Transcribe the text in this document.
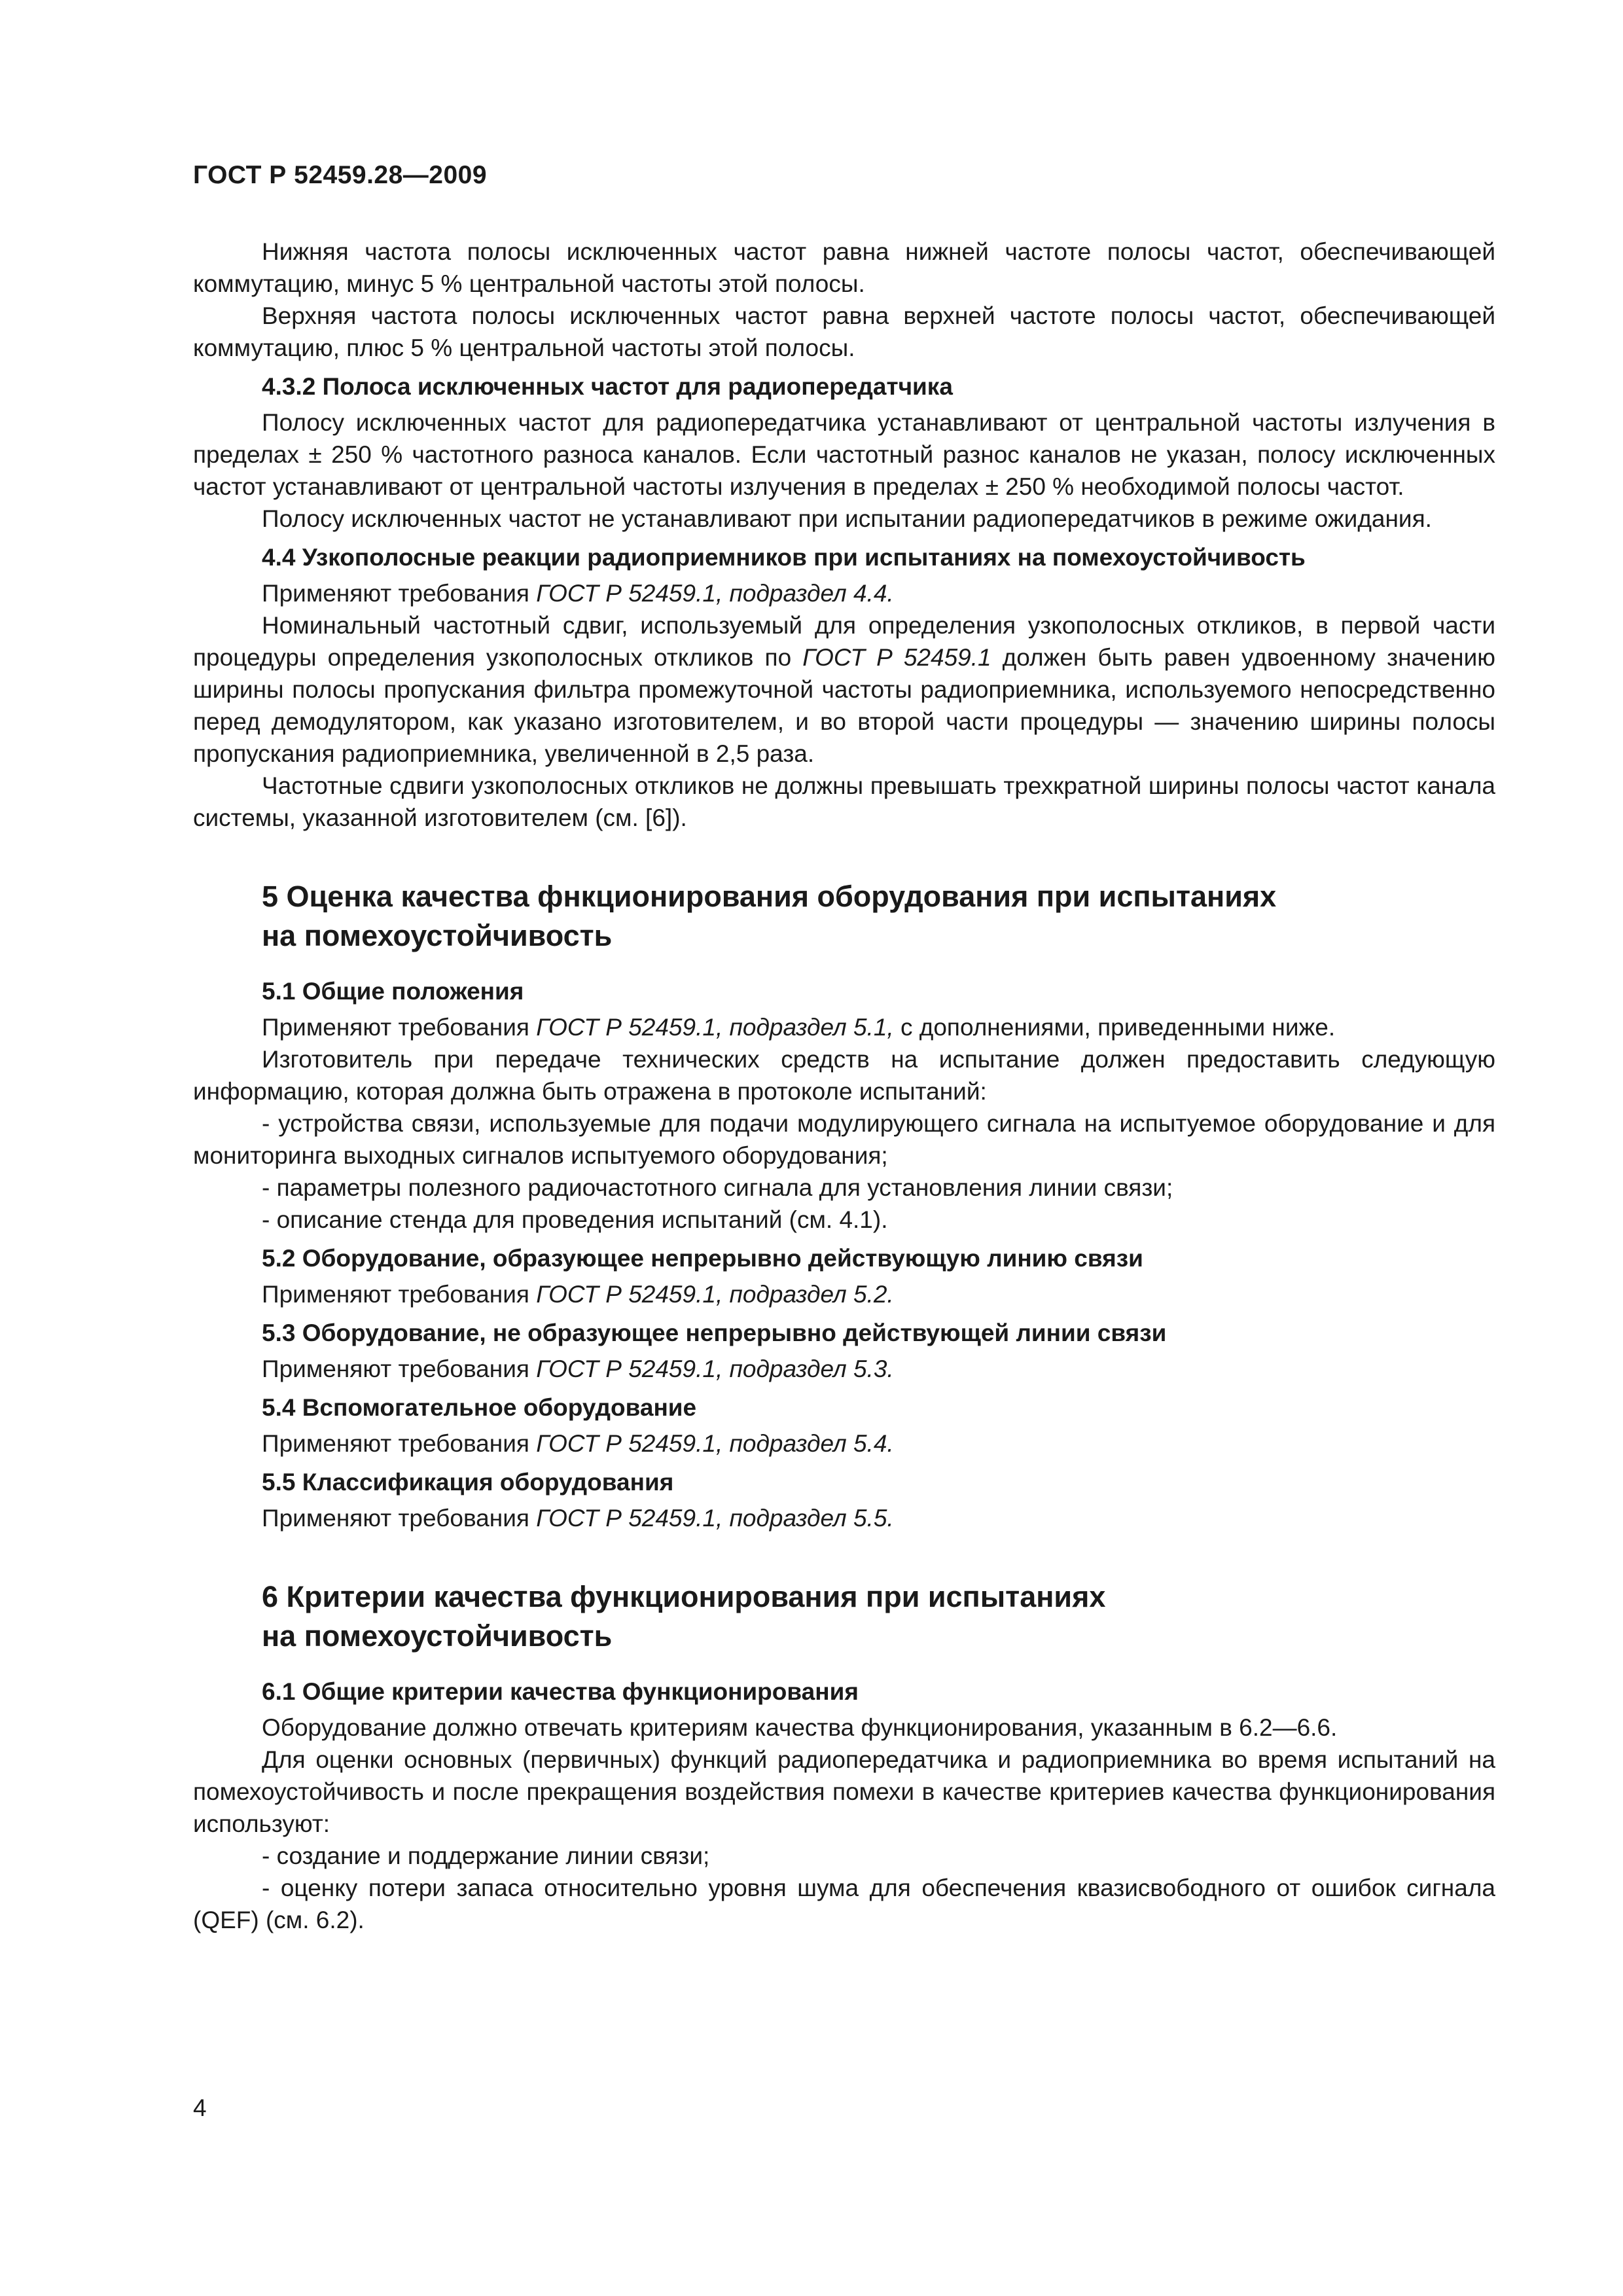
ГОСТ Р 52459.28—2009

Нижняя частота полосы исключенных частот равна нижней частоте полосы частот, обеспечивающей коммутацию, минус 5 % центральной частоты этой полосы.

Верхняя частота полосы исключенных частот равна верхней частоте полосы частот, обеспечивающей коммутацию, плюс 5 % центральной частоты этой полосы.

4.3.2 Полоса исключенных частот для радиопередатчика

Полосу исключенных частот для радиопередатчика устанавливают от центральной частоты излучения в пределах ± 250 % частотного разноса каналов. Если частотный разнос каналов не указан, полосу исключенных частот устанавливают от центральной частоты излучения в пределах ± 250 % необходимой полосы частот.

Полосу исключенных частот не устанавливают при испытании радиопередатчиков в режиме ожидания.

4.4 Узкополосные реакции радиоприемников при испытаниях на помехоустойчивость

Применяют требования ГОСТ Р 52459.1, подраздел 4.4.

Номинальный частотный сдвиг, используемый для определения узкополосных откликов, в первой части процедуры определения узкополосных откликов по ГОСТ Р 52459.1 должен быть равен удвоенному значению ширины полосы пропускания фильтра промежуточной частоты радиоприемника, используемого непосредственно перед демодулятором, как указано изготовителем, и во второй части процедуры — значению ширины полосы пропускания радиоприемника, увеличенной в 2,5 раза.

Частотные сдвиги узкополосных откликов не должны превышать трехкратной ширины полосы частот канала системы, указанной изготовителем (см. [6]).

5 Оценка качества фнкционирования оборудования при испытаниях
на помехоустойчивость
5.1 Общие положения

Применяют требования ГОСТ Р 52459.1, подраздел 5.1, с дополнениями, приведенными ниже.

Изготовитель при передаче технических средств на испытание должен предоставить следующую информацию, которая должна быть отражена в протоколе испытаний:

- устройства связи, используемые для подачи модулирующего сигнала на испытуемое оборудование и для мониторинга выходных сигналов испытуемого оборудования;

- параметры полезного радиочастотного сигнала для установления линии связи;

- описание стенда для проведения испытаний (см. 4.1).

5.2 Оборудование, образующее непрерывно действующую линию связи

Применяют требования ГОСТ Р 52459.1, подраздел 5.2.

5.3 Оборудование, не образующее непрерывно действующей линии связи

Применяют требования ГОСТ Р 52459.1, подраздел 5.3.

5.4 Вспомогательное оборудование

Применяют требования ГОСТ Р 52459.1, подраздел 5.4.

5.5 Классификация оборудования

Применяют требования ГОСТ Р 52459.1, подраздел 5.5.

6 Критерии качества функционирования при испытаниях
на помехоустойчивость
6.1 Общие критерии качества функционирования

Оборудование должно отвечать критериям качества функционирования, указанным в 6.2—6.6.

Для оценки основных (первичных) функций радиопередатчика и радиоприемника во время испытаний на помехоустойчивость и после прекращения воздействия помехи в качестве критериев качества функционирования используют:

- создание и поддержание линии связи;

- оценку потери запаса относительно уровня шума для обеспечения квазисвободного от ошибок сигнала (QEF) (см. 6.2).

4
